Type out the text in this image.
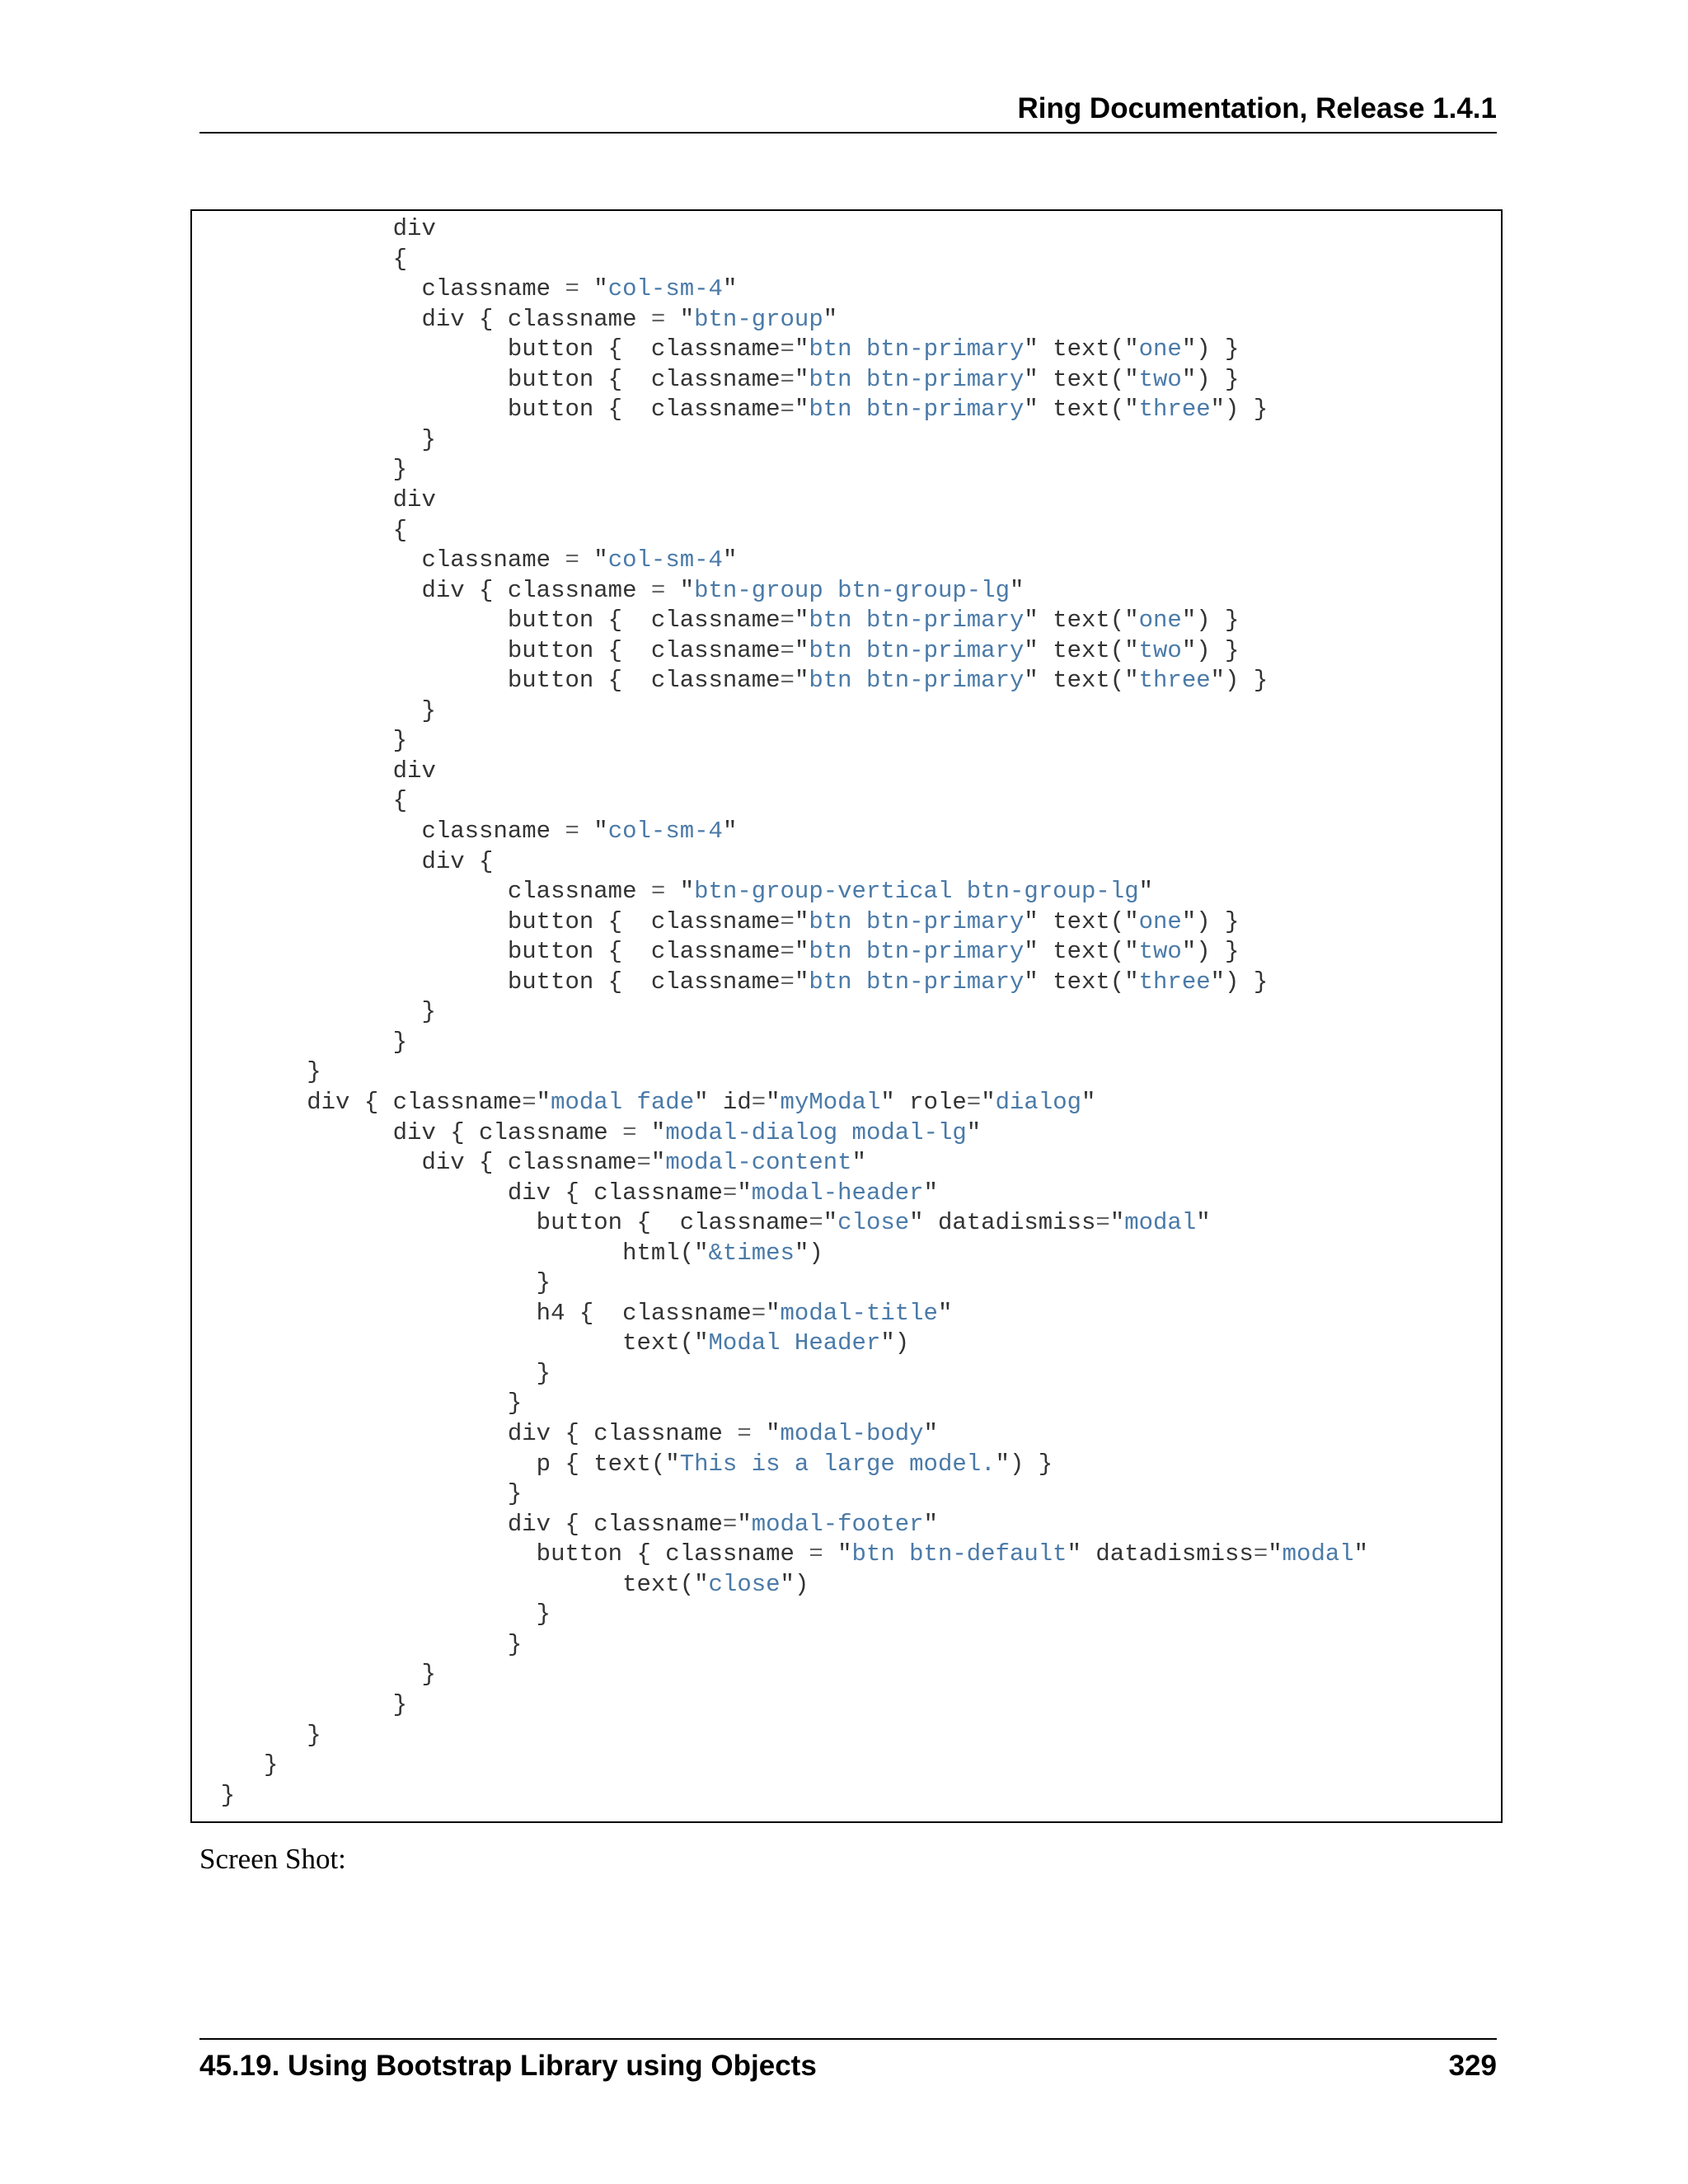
Ring Documentation, Release 1.4.1
div
{
classname = "col-sm-4"
div { classname = "btn-group"
button {  classname="btn btn-primary" text("one") }
button {  classname="btn btn-primary" text("two") }
button {  classname="btn btn-primary" text("three") }
}
}
div
{
classname = "col-sm-4"
div { classname = "btn-group btn-group-lg"
button {  classname="btn btn-primary" text("one") }
button {  classname="btn btn-primary" text("two") }
button {  classname="btn btn-primary" text("three") }
}
}
div
{
classname = "col-sm-4"
div {
classname = "btn-group-vertical btn-group-lg"
button {  classname="btn btn-primary" text("one") }
button {  classname="btn btn-primary" text("two") }
button {  classname="btn btn-primary" text("three") }
}
}
}
div { classname="modal fade" id="myModal" role="dialog"
div { classname = "modal-dialog modal-lg"
div { classname="modal-content"
div { classname="modal-header"
button {  classname="close" datadismiss="modal"
html("&times")
}
h4 {  classname="modal-title"
text("Modal Header")
}
}
div { classname = "modal-body"
p { text("This is a large model.") }
}
div { classname="modal-footer"
button { classname = "btn btn-default" datadismiss="modal"
text("close")
}
}
}
}
}
}
}
Screen Shot:
45.19. Using Bootstrap Library using Objects	329
